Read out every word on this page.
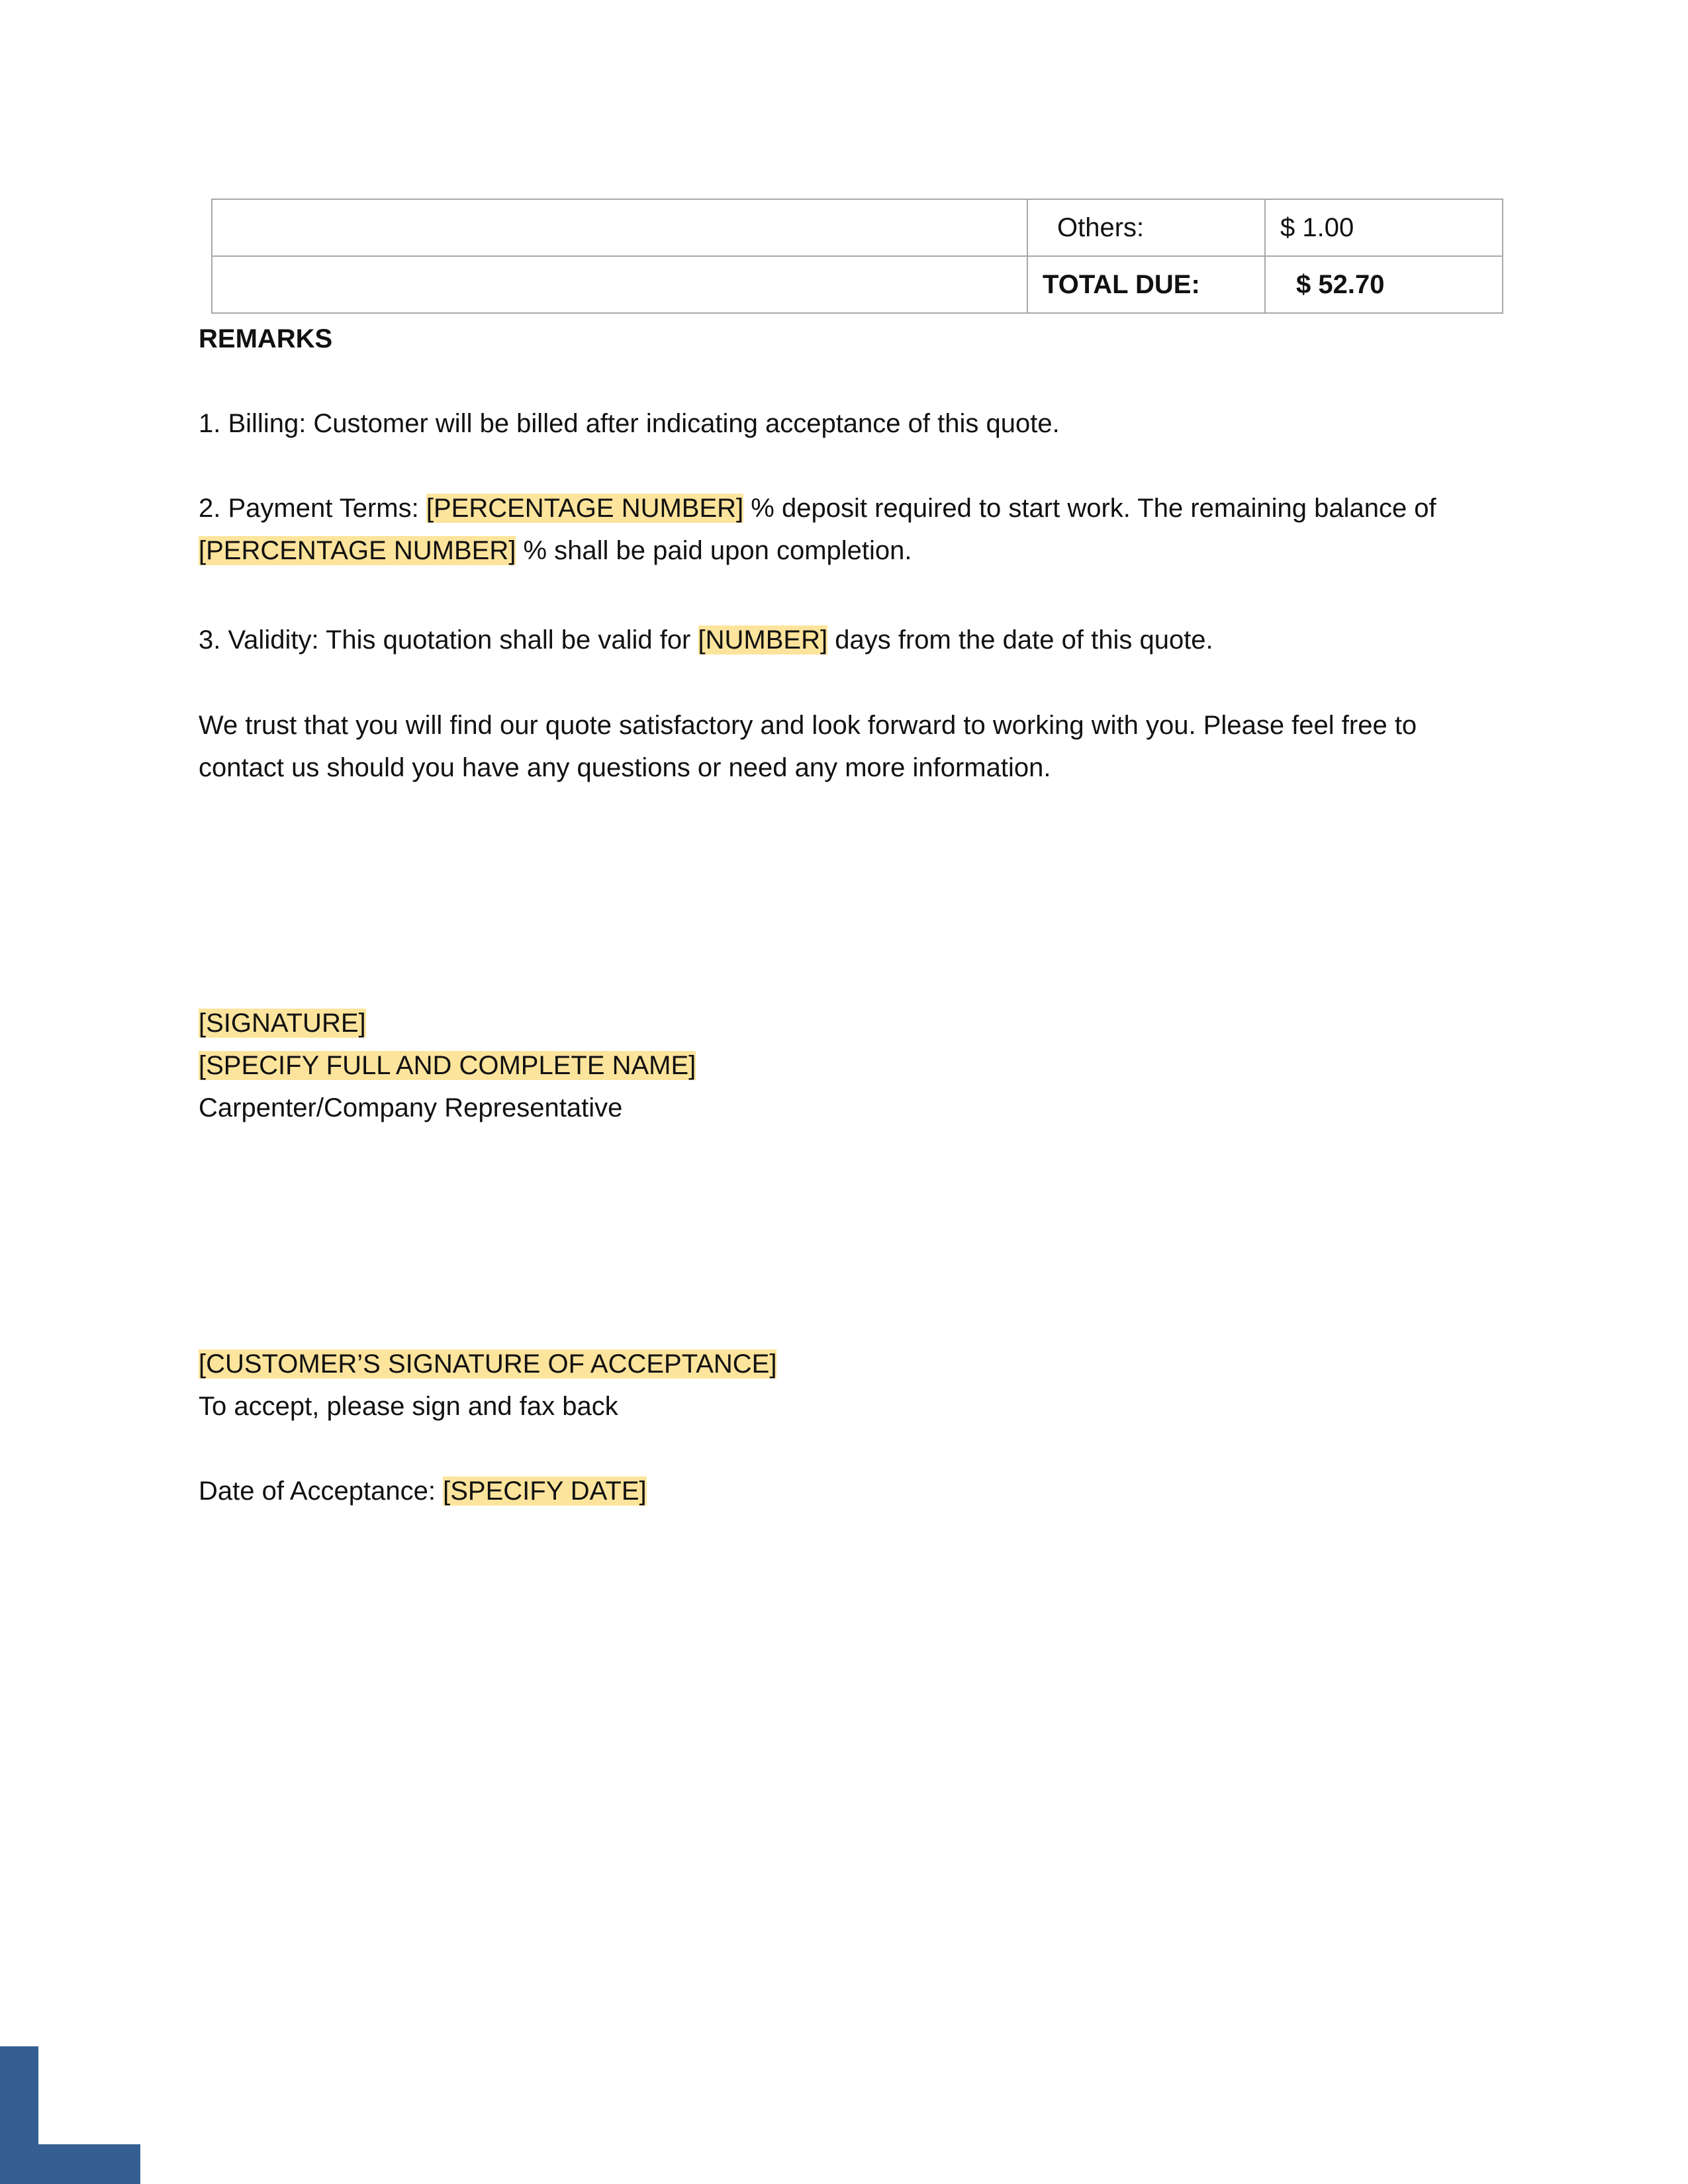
	Others:	$ 1.00
	TOTAL DUE:	$ 52.70
REMARKS
1. Billing: Customer will be billed after indicating acceptance of this quote.
2. Payment Terms: [PERCENTAGE NUMBER] % deposit required to start work. The remaining balance of [PERCENTAGE NUMBER] % shall be paid upon completion.
3. Validity: This quotation shall be valid for [NUMBER] days from the date of this quote.
We trust that you will find our quote satisfactory and look forward to working with you. Please feel free to contact us should you have any questions or need any more information.
[SIGNATURE]
[SPECIFY FULL AND COMPLETE NAME]
Carpenter/Company Representative
[CUSTOMER’S SIGNATURE OF ACCEPTANCE]
To accept, please sign and fax back
Date of Acceptance: [SPECIFY DATE]
